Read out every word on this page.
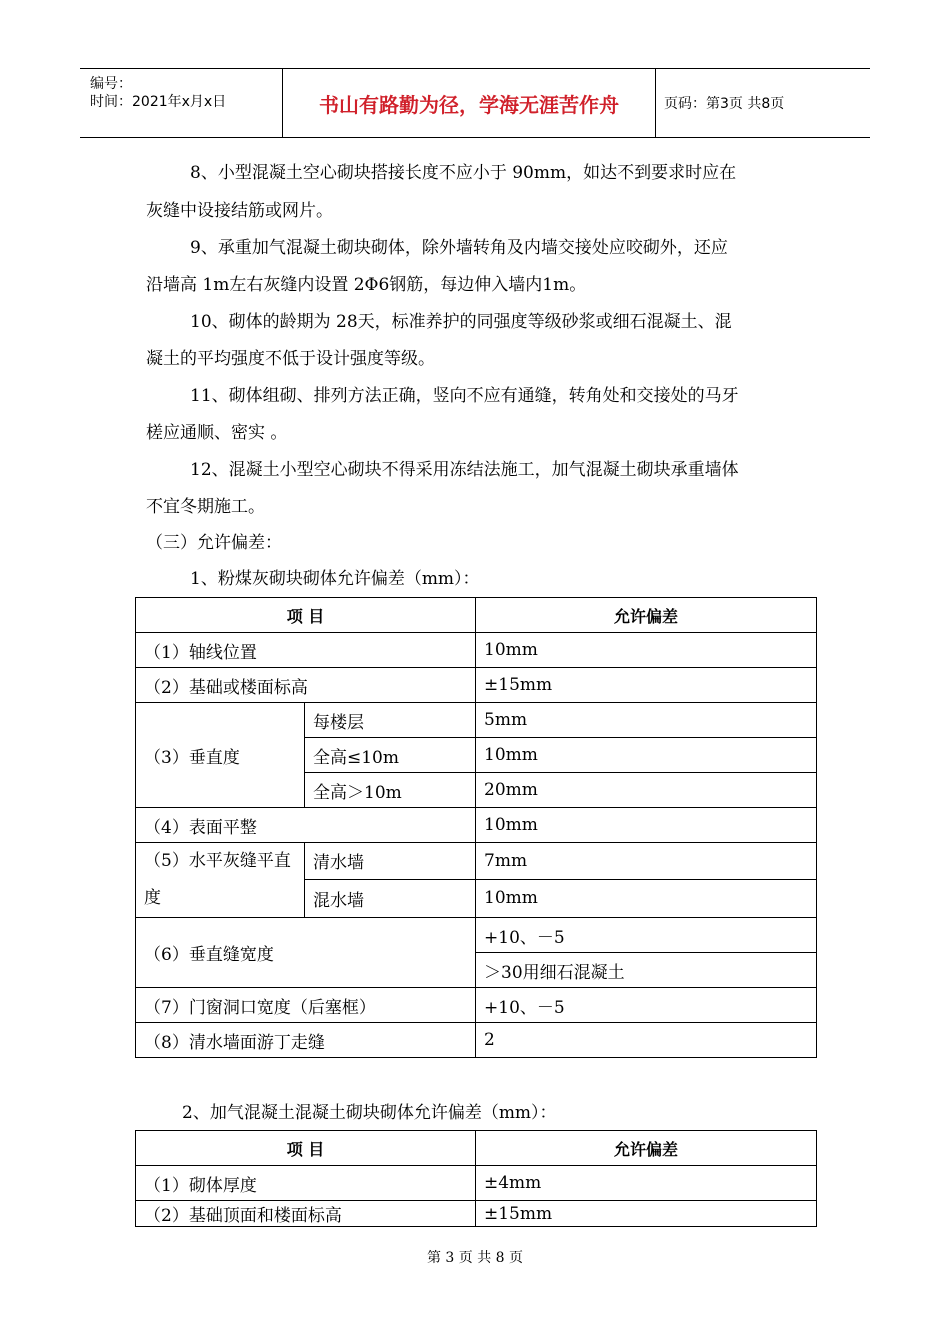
编号：
时间：2021年x月x日	书山有路勤为径，学海无涯苦作舟	页码：第3页 共8页
8、小型混凝土空心砌块搭接长度不应小于 90mm，如达不到要求时应在
灰缝中设接结筋或网片。
9、承重加气混凝土砌块砌体，除外墙转角及内墙交接处应咬砌外，还应
沿墙高 1m左右灰缝内设置 2Φ6钢筋，每边伸入墙内1m。
10、砌体的龄期为 28天，标准养护的同强度等级砂浆或细石混凝土、混
凝土的平均强度不低于设计强度等级。
11、砌体组砌、排列方法正确，竖向不应有通缝，转角处和交接处的马牙
槎应通顺、密实 。
12、混凝土小型空心砌块不得采用冻结法施工，加气混凝土砌块承重墙体
不宜冬期施工。
（三）允许偏差：
1、粉煤灰砌块砌体允许偏差（mm）：
项 目		允许偏差
（1）轴线位置		10mm
（2）基础或楼面标高		±15mm
（3）垂直度	每楼层	5mm
	全高≤10m	10mm
	全高＞10m	20mm
（4）表面平整		10mm
（5）水平灰缝平直度	清水墙	7mm
	混水墙	10mm
（6）垂直缝宽度		+10、－5
		＞30用细石混凝土
（7）门窗洞口宽度（后塞框）		+10、－5
（8）清水墙面游丁走缝		2
2、加气混凝土混凝土砌块砌体允许偏差（mm）：
项 目	允许偏差
（1）砌体厚度	±4mm
（2）基础顶面和楼面标高	±15mm
第 3 页 共 8 页
